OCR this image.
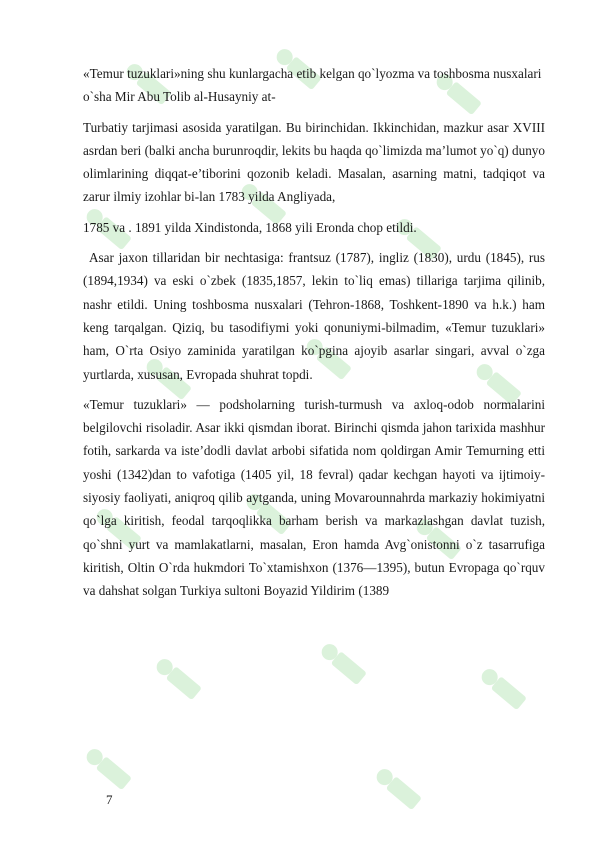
«Temur tuzuklari»ning shu kunlargacha etib kelgan qo`lyozma va toshbosma nusxalari o`sha Mir Abu Tolib al-Husayniy at-

Turbatiy tarjimasi asosida yaratilgan. Bu birinchidan. Ikkinchidan, mazkur asar XVIII asrdan beri (balki ancha burunroqdir, lekits bu haqda qo`limizda ma’lumot yo`q) dunyo olimlarining diqqat-e’tiborini qozonib keladi. Masalan, asarning matni, tadqiqot va zarur ilmiy izohlar bi-lan 1783 yilda Angliyada,

1785 va . 1891 yilda Xindistonda, 1868 yili Eronda chop etildi.

Asar jaxon tillaridan bir nechtasiga: frantsuz (1787), ingliz (1830), urdu (1845), rus (1894,1934) va eski o`zbek (1835,1857, lekin to`liq emas) tillariga tarjima qilinib, nashr etildi. Uning toshbosma nusxalari (Tehron-1868, Toshkent-1890 va h.k.) ham keng tarqalgan. Qiziq, bu tasodifiymi yoki qonuniymi-bilmadim, «Temur tuzuklari» ham, O`rta Osiyo zaminida yaratilgan ko`pgina ajoyib asarlar singari, avval o`zga yurtlarda, xususan, Evropada shuhrat topdi.

«Temur tuzuklari» — podsholarning turish-turmush va axloq-odob normalarini belgilovchi risoladir. Asar ikki qismdan iborat. Birinchi qismda jahon tarixida mashhur fotih, sarkarda va iste’dodli davlat arbobi sifatida nom qoldirgan Amir Temurning etti yoshi (1342)dan to vafotiga (1405 yil, 18 fevral) qadar kechgan hayoti va ijtimoiy-siyosiy faoliyati, aniqroq qilib aytganda, uning Movarounnahrda markaziy hokimiyatni qo`lga kiritish, feodal tarqoqlikka barham berish va markazlashgan davlat tuzish, qo`shni yurt va mamlakatlarni, masalan, Eron hamda Avg`onistonni o`z tasarrufiga kiritish, Oltin O`rda hukmdori To`xtamishxon (1376—1395), butun Evropaga qo`rquv va dahshat solgan Turkiya sultoni Boyazid Yildirim (1389

7
